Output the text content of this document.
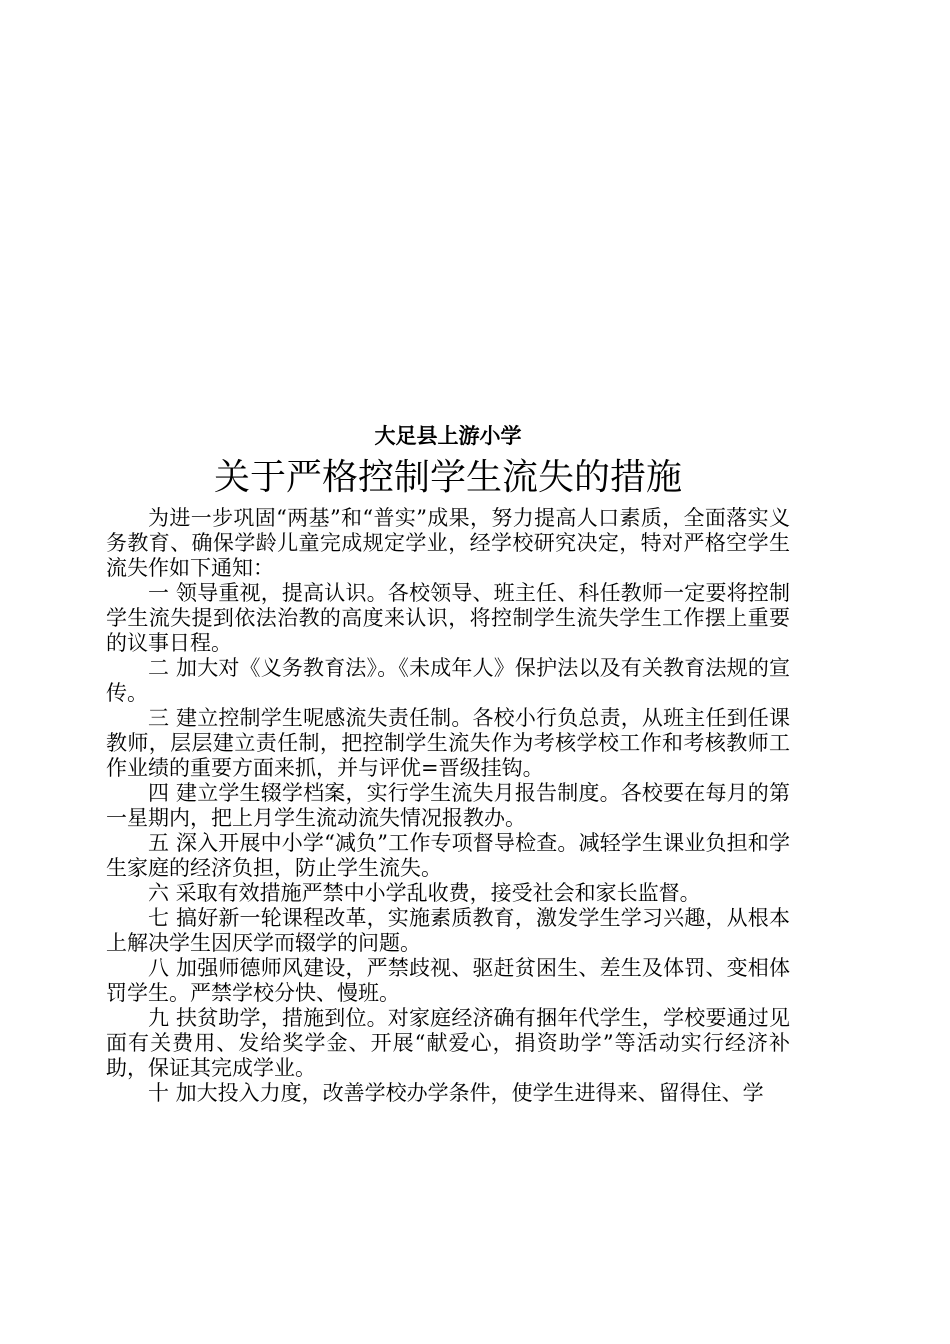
大足县上游小学
关于严格控制学生流失的措施

为进一步巩固“两基”和“普实”成果，努力提高人口素质，全面落实义务教育、确保学龄儿童完成规定学业，经学校研究决定，特对严格空学生流失作如下通知：

一 领导重视，提高认识。各校领导、班主任、科任教师一定要将控制学生流失提到依法治教的高度来认识，将控制学生流失学生工作摆上重要的议事日程。

二 加大对《义务教育法》。《未成年人》保护法以及有关教育法规的宣传。

三 建立控制学生呢感流失责任制。各校小行负总责，从班主任到任课教师，层层建立责任制，把控制学生流失作为考核学校工作和考核教师工作业绩的重要方面来抓，并与评优=晋级挂钩。

四 建立学生辍学档案，实行学生流失月报告制度。各校要在每月的第一星期内，把上月学生流动流失情况报教办。

五 深入开展中小学“减负”工作专项督导检查。减轻学生课业负担和学生家庭的经济负担，防止学生流失。

六 采取有效措施严禁中小学乱收费，接受社会和家长监督。

七 搞好新一轮课程改革，实施素质教育，激发学生学习兴趣，从根本上解决学生因厌学而辍学的问题。

八 加强师德师风建设，严禁歧视、驱赶贫困生、差生及体罚、变相体罚学生。严禁学校分快、慢班。

九 扶贫助学，措施到位。对家庭经济确有捆年代学生，学校要通过见面有关费用、发给奖学金、开展“献爱心，捐资助学”等活动实行经济补助，保证其完成学业。

十 加大投入力度，改善学校办学条件，使学生进得来、留得住、学
